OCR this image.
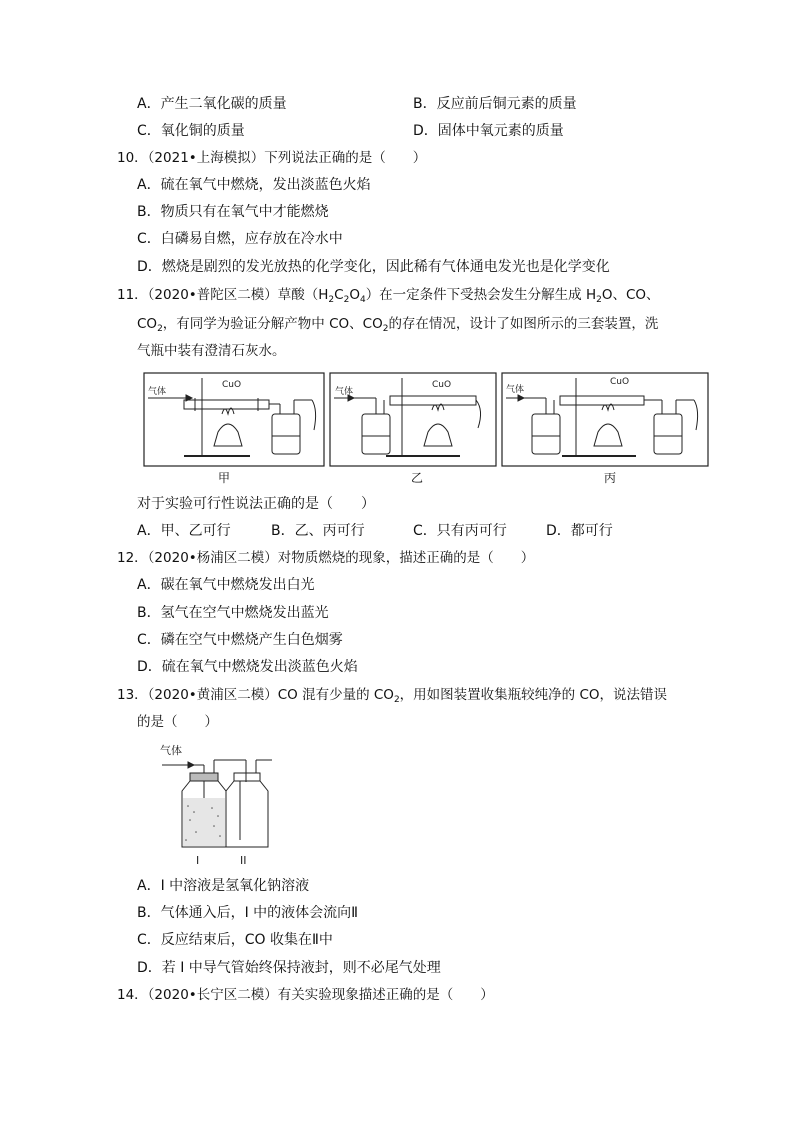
A．产生二氧化碳的质量	B．反应前后铜元素的质量
C．氧化铜的质量	D．固体中氧元素的质量
10．（2021•上海模拟）下列说法正确的是（　　）
A．硫在氧气中燃烧，发出淡蓝色火焰
B．物质只有在氧气中才能燃烧
C．白磷易自燃，应存放在冷水中
D．燃烧是剧烈的发光放热的化学变化，因此稀有气体通电发光也是化学变化
11．（2020•普陀区二模）草酸$(H_2C_2O_4)$在一定条件下受热会发生分解生成 $H_2O$、CO、
$CO_2$，有同学为验证分解产物中 CO、$CO_2$的存在情况，设计了如图所示的三套装置，洗
气瓶中装有澄清石灰水。
气体
CuO
气体
CuO	气体
CuO
甲	乙	丙
对于实验可行性说法正确的是（　　）
A．甲、乙可行	B．乙、丙可行	C．只有丙可行	D．都可行
12．（2020•杨浦区二模）对物质燃烧的现象，描述正确的是（　　）
A．碳在氧气中燃烧发出白光
B．氢气在空气中燃烧发出蓝光
C．磷在空气中燃烧产生白色烟雾
D．硫在氧气中燃烧发出淡蓝色火焰
13．（2020•黄浦区二模）CO 混有少量的 $CO_2$，用如图装置收集瓶较纯净的 CO，说法错误
的是（　　）
气体
I	II
A．I 中溶液是氢氧化钠溶液
B．气体通入后，I 中的液体会流向Ⅱ
C．反应结束后，CO 收集在Ⅱ中
D．若 I 中导气管始终保持液封，则不必尾气处理
14．（2020•长宁区二模）有关实验现象描述正确的是（　　）
